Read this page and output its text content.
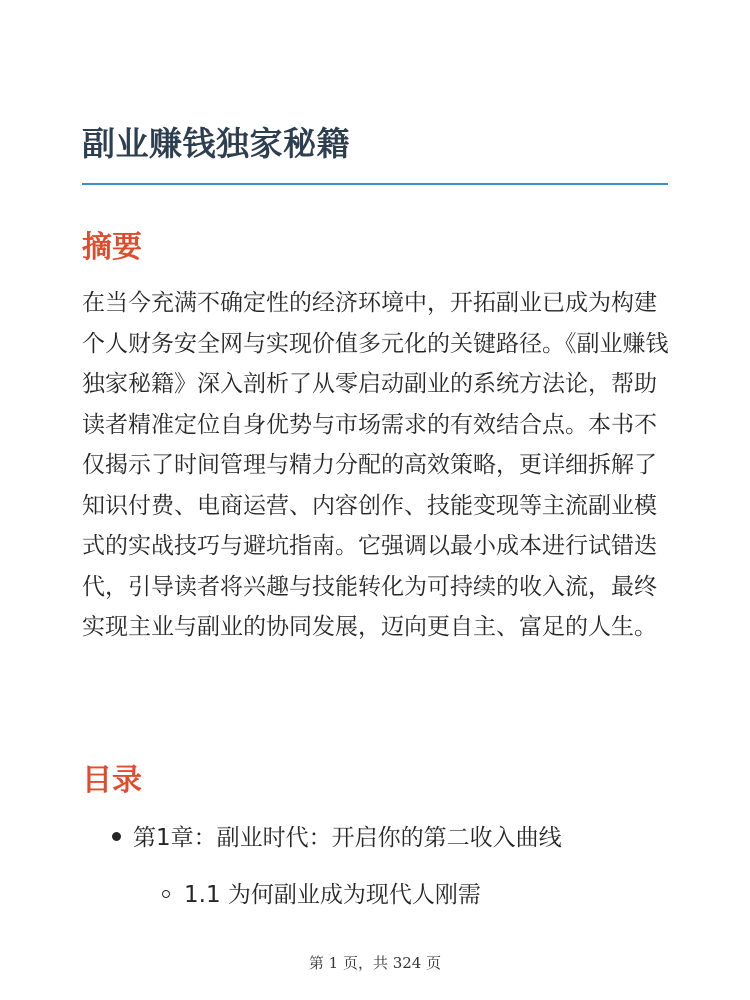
副业赚钱独家秘籍
摘要

在当今充满不确定性的经济环境中，开拓副业已成为构建个人财务安全网与实现价值多元化的关键路径。《副业赚钱独家秘籍》深入剖析了从零启动副业的系统方法论，帮助读者精准定位自身优势与市场需求的有效结合点。本书不仅揭示了时间管理与精力分配的高效策略，更详细拆解了知识付费、电商运营、内容创作、技能变现等主流副业模式的实战技巧与避坑指南。它强调以最小成本进行试错迭代，引导读者将兴趣与技能转化为可持续的收入流，最终实现主业与副业的协同发展，迈向更自主、富足的人生。

目录
第1章：副业时代：开启你的第二收入曲线
1.1 为何副业成为现代人刚需
第 1 页，共 324 页
